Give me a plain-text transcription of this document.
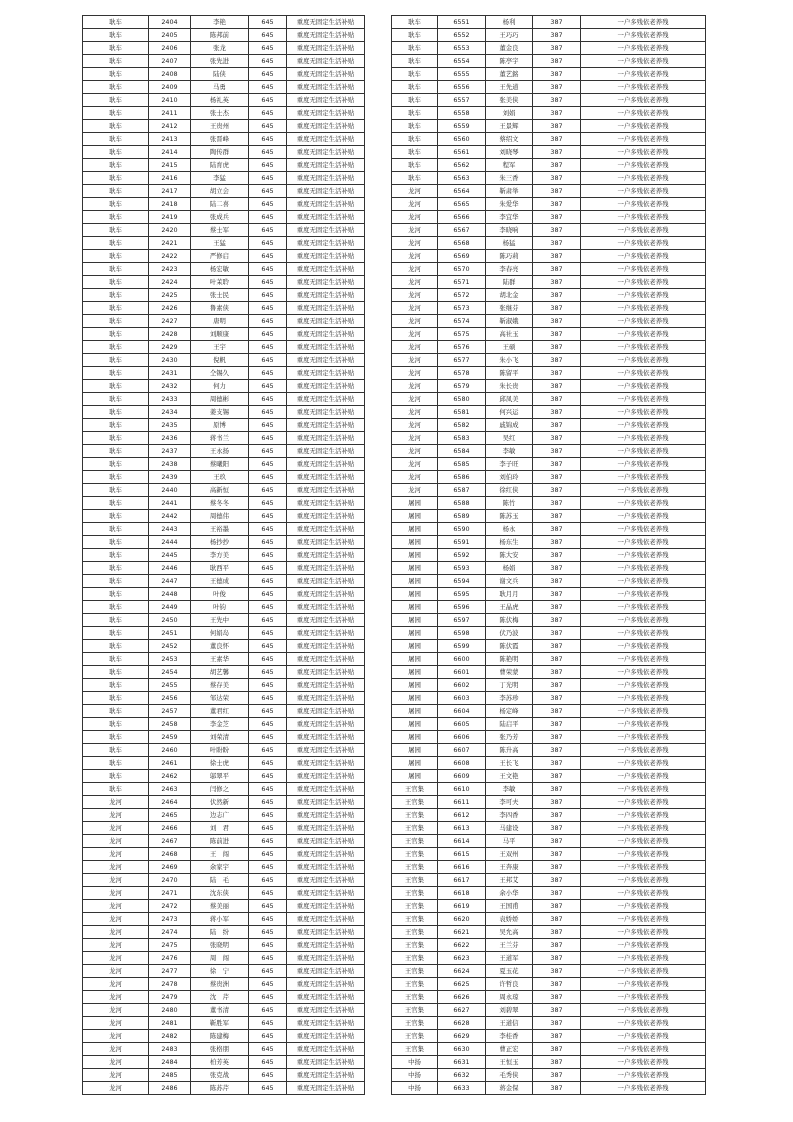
耿车	2404	李艳	645	重度无固定生活补贴
耿车	2405	陈邦前	645	重度无固定生活补贴
耿车	2406	张龙	645	重度无固定生活补贴
耿车	2407	张先进	645	重度无固定生活补贴
耿车	2408	陆侠	645	重度无固定生活补贴
耿车	2409	马勇	645	重度无固定生活补贴
耿车	2410	杨礼英	645	重度无固定生活补贴
耿车	2411	张士杰	645	重度无固定生活补贴
耿车	2412	王贵州	645	重度无固定生活补贴
耿车	2413	张晋峰	645	重度无固定生活补贴
耿车	2414	陶传群	645	重度无固定生活补贴
耿车	2415	陆育虎	645	重度无固定生活补贴
耿车	2416	李猛	645	重度无固定生活补贴
耿车	2417	胡立会	645	重度无固定生活补贴
耿车	2418	陆二喜	645	重度无固定生活补贴
耿车	2419	张成兵	645	重度无固定生活补贴
耿车	2420	蔡士军	645	重度无固定生活补贴
耿车	2421	王猛	645	重度无固定生活补贴
耿车	2422	严修启	645	重度无固定生活补贴
耿车	2423	杨宏敏	645	重度无固定生活补贴
耿车	2424	叶茉聆	645	重度无固定生活补贴
耿车	2425	张士民	645	重度无固定生活补贴
耿车	2426	鲁素侠	645	重度无固定生活补贴
耿车	2427	唐明	645	重度无固定生活补贴
耿车	2428	刘顺康	645	重度无固定生活补贴
耿车	2429	王宇	645	重度无固定生活补贴
耿车	2430	倪帆	645	重度无固定生活补贴
耿车	2431	仝锡久	645	重度无固定生活补贴
耿车	2432	何力	645	重度无固定生活补贴
耿车	2433	周德彬	645	重度无固定生活补贴
耿车	2434	姜支锡	645	重度无固定生活补贴
耿车	2435	原博	645	重度无固定生活补贴
耿车	2436	蒋书兰	645	重度无固定生活补贴
耿车	2437	王永扬	645	重度无固定生活补贴
耿车	2438	蔡曦阳	645	重度无固定生活补贴
耿车	2439	王玖	645	重度无固定生活补贴
耿车	2440	高新恒	645	重度无固定生活补贴
耿车	2441	蔡冬冬	645	重度无固定生活补贴
耿车	2442	周德伟	645	重度无固定生活补贴
耿车	2443	王裕墨	645	重度无固定生活补贴
耿车	2444	杨抄抄	645	重度无固定生活补贴
耿车	2445	李方美	645	重度无固定生活补贴
耿车	2446	耿西平	645	重度无固定生活补贴
耿车	2447	王德成	645	重度无固定生活补贴
耿车	2448	叶俊	645	重度无固定生活补贴
耿车	2449	叶钧	645	重度无固定生活补贴
耿车	2450	王先中	645	重度无固定生活补贴
耿车	2451	何娟岛	645	重度无固定生活补贴
耿车	2452	董良怀	645	重度无固定生活补贴
耿车	2453	王素华	645	重度无固定生活补贴
耿车	2454	胡艺馨	645	重度无固定生活补贴
耿车	2455	蔡存美	645	重度无固定生活补贴
耿车	2456	邹达荣	645	重度无固定生活补贴
耿车	2457	董君红	645	重度无固定生活补贴
耿车	2458	李金芝	645	重度无固定生活补贴
耿车	2459	刘荣清	645	重度无固定生活补贴
耿车	2460	叶盼盼	645	重度无固定生活补贴
耿车	2461	徐士虎	645	重度无固定生活补贴
耿车	2462	邬翠平	645	重度无固定生活补贴
耿车	2463	闫修之	645	重度无固定生活补贴
龙河	2464	伏然新	645	重度无固定生活补贴
龙河	2465	边志广	645	重度无固定生活补贴
龙河	2466	刘　君	645	重度无固定生活补贴
龙河	2467	陈前进	645	重度无固定生活补贴
龙河	2468	王　闯	645	重度无固定生活补贴
龙河	2469	余家宇	645	重度无固定生活补贴
龙河	2470	陆　毛	645	重度无固定生活补贴
龙河	2471	沈东侠	645	重度无固定生活补贴
龙河	2472	蔡美丽	645	重度无固定生活补贴
龙河	2473	蒋小军	645	重度无固定生活补贴
龙河	2474	陆　纷	645	重度无固定生活补贴
龙河	2475	张晓明	645	重度无固定生活补贴
龙河	2476	周　闯	645	重度无固定生活补贴
龙河	2477	徐　宁	645	重度无固定生活补贴
龙河	2478	蔡贵洲	645	重度无固定生活补贴
龙河	2479	沈　芹	645	重度无固定生活补贴
龙河	2480	董书清	645	重度无固定生活补贴
龙河	2481	靳胜军	645	重度无固定生活补贴
龙河	2482	陈建梅	645	重度无固定生活补贴
龙河	2483	张格朋	645	重度无固定生活补贴
龙河	2484	柏芳英	645	重度无固定生活补贴
龙河	2485	张克战	645	重度无固定生活补贴
龙河	2486	陈苏芹	645	重度无固定生活补贴
耿车	6551	杨利	387	一户多残依老养残
耿车	6552	王巧巧	387	一户多残依老养残
耿车	6553	董金良	387	一户多残依老养残
耿车	6554	陈亭宇	387	一户多残依老养残
耿车	6555	董艺銘	387	一户多残依老养残
耿车	6556	王先道	387	一户多残依老养残
耿车	6557	张美侠	387	一户多残依老养残
耿车	6558	刘娟	387	一户多残依老养残
耿车	6559	王景辉	387	一户多残依老养残
耿车	6560	蔡绍文	387	一户多残依老养残
耿车	6561	刘晓琴	387	一户多残依老养残
耿车	6562	程军	387	一户多残依老养残
耿车	6563	朱三香	387	一户多残依老养残
龙河	6564	靳肃举	387	一户多残依老养残
龙河	6565	朱爱华	387	一户多残依老养残
龙河	6566	李宜华	387	一户多残依老养残
龙河	6567	李晓响	387	一户多残依老养残
龙河	6568	杨猛	387	一户多残依老养残
龙河	6569	陈巧莉	387	一户多残依老养残
龙河	6570	李春亮	387	一户多残依老养残
龙河	6571	陆群	387	一户多残依老养残
龙河	6572	胡北金	387	一户多残依老养残
龙河	6573	张继芬	387	一户多残依老养残
龙河	6574	靳淑娥	387	一户多残依老养残
龙河	6575	高社玉	387	一户多残依老养残
龙河	6576	王硕	387	一户多残依老养残
龙河	6577	朱小飞	387	一户多残依老养残
龙河	6578	陈留平	387	一户多残依老养残
龙河	6579	朱长贵	387	一户多残依老养残
龙河	6580	邱凤美	387	一户多残依老养残
龙河	6581	何兴运	387	一户多残依老养残
龙河	6582	戚锦成	387	一户多残依老养残
龙河	6583	吴红	387	一户多残依老养残
龙河	6584	李敏	387	一户多残依老养残
龙河	6585	李子旺	387	一户多残依老养残
龙河	6586	刘伯玲	387	一户多残依老养残
龙河	6587	徐红侠	387	一户多残依老养残
屠园	6588	陈竹	387	一户多残依老养残
屠园	6589	陈苏玉	387	一户多残依老养残
屠园	6590	杨永	387	一户多残依老养残
屠园	6591	杨东生	387	一户多残依老养残
屠园	6592	陈大安	387	一户多残依老养残
屠园	6593	杨娟	387	一户多残依老养残
屠园	6594	谢文兵	387	一户多残依老养残
屠园	6595	耿月月	387	一户多残依老养残
屠园	6596	王晶虎	387	一户多残依老养残
屠园	6597	陈伏梅	387	一户多残依老养残
屠园	6598	伏乃波	387	一户多残依老养残
屠园	6599	陈伏霞	387	一户多残依老养残
屠园	6600	陈艳明	387	一户多残依老养残
屠园	6601	曹荣蒙	387	一户多残依老养残
屠园	6602	丁光明	387	一户多残依老养残
屠园	6603	李苏珍	387	一户多残依老养残
屠园	6604	杨定峰	387	一户多残依老养残
屠园	6605	陆启平	387	一户多残依老养残
屠园	6606	张乃芳	387	一户多残依老养残
屠园	6607	陈升高	387	一户多残依老养残
屠园	6608	王长飞	387	一户多残依老养残
屠园	6609	王文艳	387	一户多残依老养残
王官集	6610	李敏	387	一户多残依老养残
王官集	6611	李可夫	387	一户多残依老养残
王官集	6612	李四香	387	一户多残依老养残
王官集	6613	马建设	387	一户多残依老养残
王官集	6614	马平	387	一户多残依老养残
王官集	6615	王双州	387	一户多残依老养残
王官集	6616	王奔康	387	一户多残依老养残
王官集	6617	王邦艾	387	一户多残依老养残
王官集	6618	余小华	387	一户多残依老养残
王官集	6619	王国甫	387	一户多残依老养残
王官集	6620	袁娇娇	387	一户多残依老养残
王官集	6621	吴允高	387	一户多残依老养残
王官集	6622	王兰芬	387	一户多残依老养残
王官集	6623	王道军	387	一户多残依老养残
王官集	6624	夏玉花	387	一户多残依老养残
王官集	6625	许哲良	387	一户多残依老养残
王官集	6626	周永琼	387	一户多残依老养残
王官集	6627	刘碧翠	387	一户多残依老养残
王官集	6628	王道信	387	一户多残依老养残
王官集	6629	李桂香	387	一户多残依老养残
王官集	6630	曹正宏	387	一户多残依老养残
中扬	6631	王恒玉	387	一户多残依老养残
中扬	6632	毛秀侠	387	一户多残依老养残
中扬	6633	蒋金保	387	一户多残依老养残
